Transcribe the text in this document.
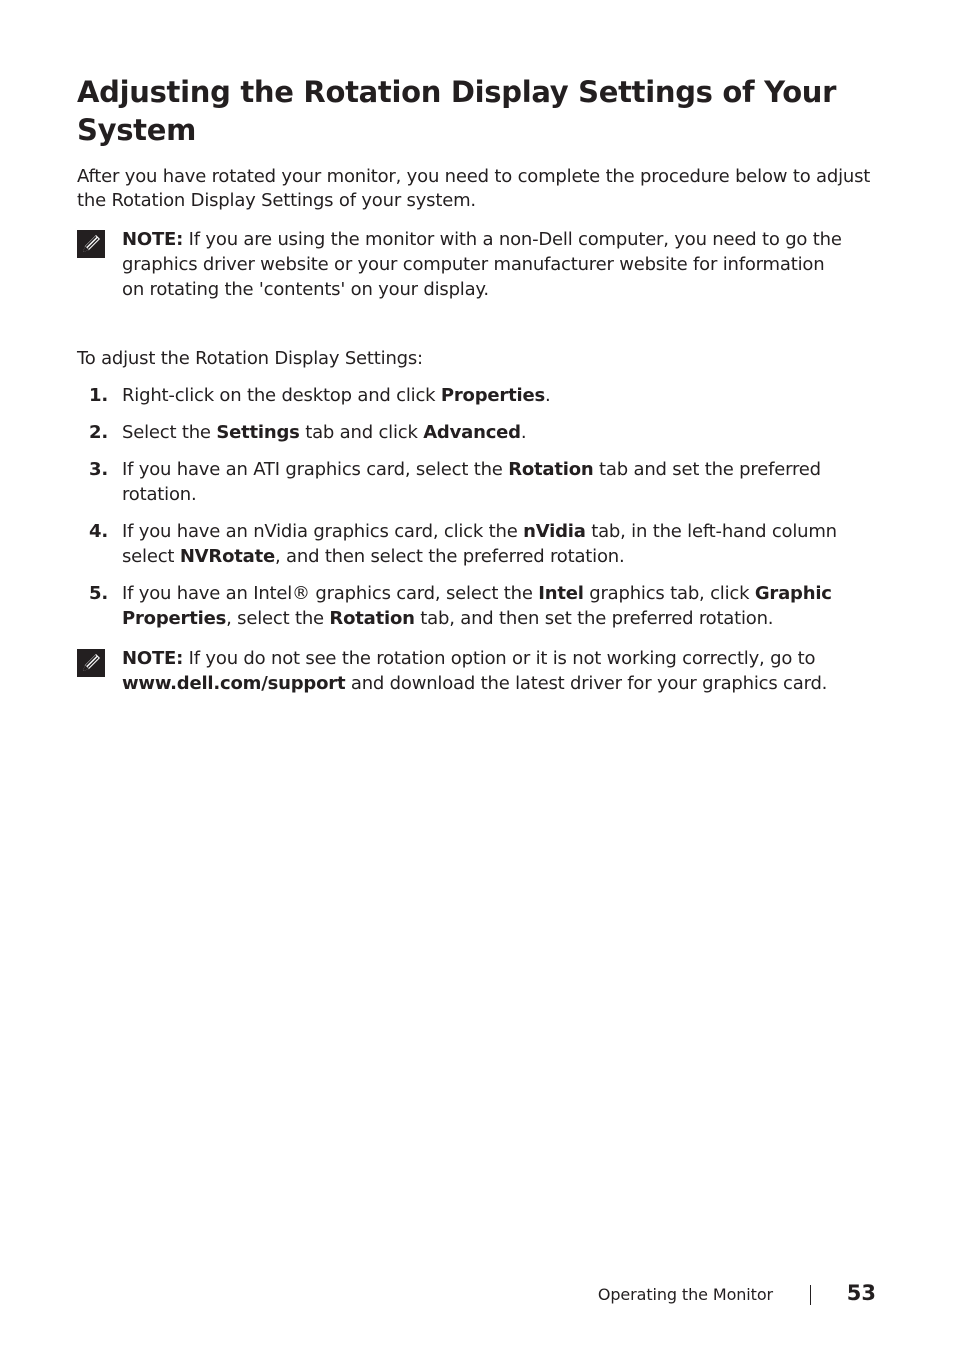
Adjusting the Rotation Display Settings of Your System

After you have rotated your monitor, you need to complete the procedure below to adjust the Rotation Display Settings of your system.

NOTE: If you are using the monitor with a non-Dell computer, you need to go the graphics driver website or your computer manufacturer website for information on rotating the 'contents' on your display.

To adjust the Rotation Display Settings:

1. Right-click on the desktop and click Properties.
2. Select the Settings tab and click Advanced.
3. If you have an ATI graphics card, select the Rotation tab and set the preferred rotation.
4. If you have an nVidia graphics card, click the nVidia tab, in the left-hand column select NVRotate, and then select the preferred rotation.
5. If you have an Intel® graphics card, select the Intel graphics tab, click Graphic Properties, select the Rotation tab, and then set the preferred rotation.

NOTE: If you do not see the rotation option or it is not working correctly, go to www.dell.com/support and download the latest driver for your graphics card.

Operating the Monitor	53
